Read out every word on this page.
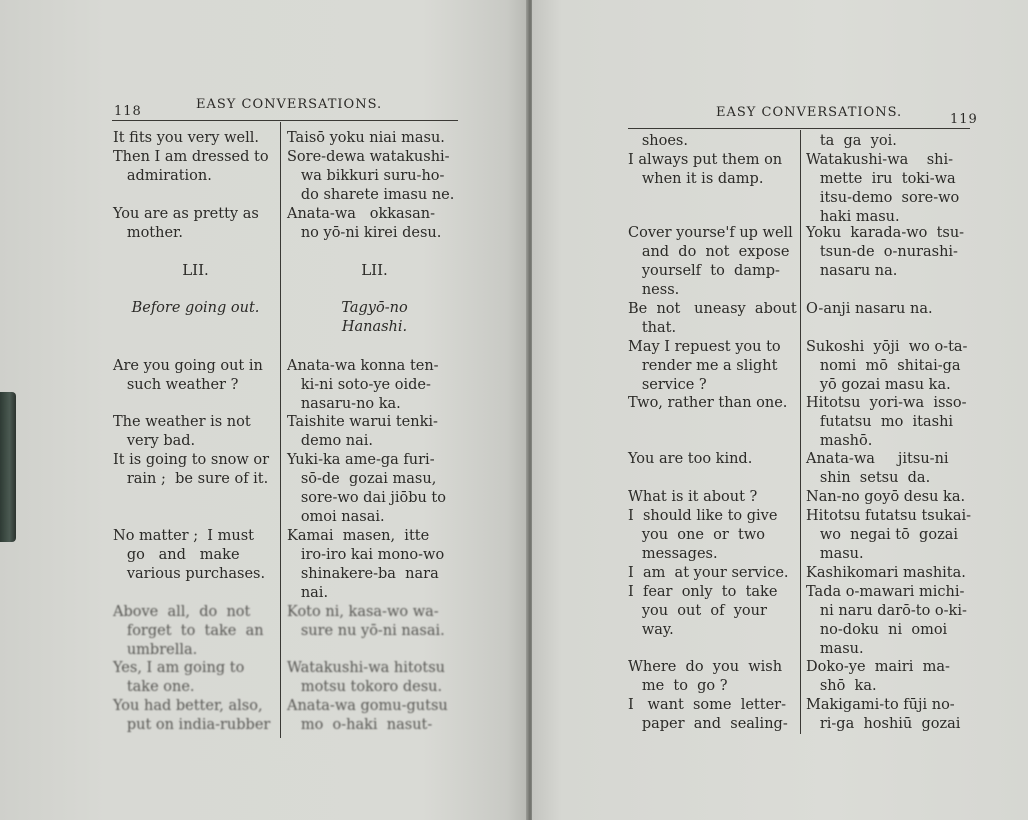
118	EASY CONVERSATIONS.
It fits you very well.
Then I am dressed to
admiration.
You are as pretty as
mother.
LII.
Before going out.
Are you going out in
such weather ?
The weather is not
very bad.
It is going to snow or
rain ;  be sure of it.
No matter ;  I must
go   and   make
various purchases.
Above  all,  do  not
forget  to  take  an
umbrella.
Yes, I am going to
take one.
You had better, also,
put on india-rubber
Taisō yoku niai masu.
Sore-dewa watakushi-
wa bikkuri suru-ho-
do sharete imasu ne.
Anata-wa   okkasan-
no yō-ni kirei desu.
LII.
Tagyō-no
Hanashi.
Anata-wa konna ten-
ki-ni soto-ye oide-
nasaru-no ka.
Taishite warui tenki-
demo nai.
Yuki-ka ame-ga furi-
sō-de  gozai masu,
sore-wo dai jiōbu to
omoi nasai.
Kamai  masen,  itte
iro-iro kai mono-wo
shinakere-ba  nara
nai.
Koto ni, kasa-wo wa-
sure nu yō-ni nasai.
Watakushi-wa hitotsu
motsu tokoro desu.
Anata-wa gomu-gutsu
mo  o-haki  nasut-
EASY CONVERSATIONS.	119
shoes.
I always put them on
when it is damp.
Cover yourse'f up well
and  do  not  expose
yourself  to  damp-
ness.
Be  not   uneasy  about
that.
May I repuest you to
render me a slight
service ?
Two, rather than one.
You are too kind.
What is it about ?
I  should like to give
you  one  or  two
messages.
I  am  at your service.
I  fear  only  to  take
you  out  of  your
way.
Where  do  you  wish
me  to  go ?
I   want  some  letter-
paper  and  sealing-
ta  ga  yoi.
Watakushi-wa    shi-
mette  iru  toki-wa
itsu-demo  sore-wo
haki masu.
Yoku  karada-wo  tsu-
tsun-de  o-nurashi-
nasaru na.
O-anji nasaru na.
Sukoshi  yōji  wo o-ta-
nomi  mō  shitai-ga
yō gozai masu ka.
Hitotsu  yori-wa  isso-
futatsu  mo  itashi
mashō.
Anata-wa     jitsu-ni
shin  setsu  da.
Nan-no goyō desu ka.
Hitotsu futatsu tsukai-
wo  negai tō  gozai
masu.
Kashikomari mashita.
Tada o-mawari michi-
ni naru darō-to o-ki-
no-doku  ni  omoi
masu.
Doko-ye  mairi  ma-
shō  ka.
Makigami-to fūji no-
ri-ga  hoshiū  gozai
